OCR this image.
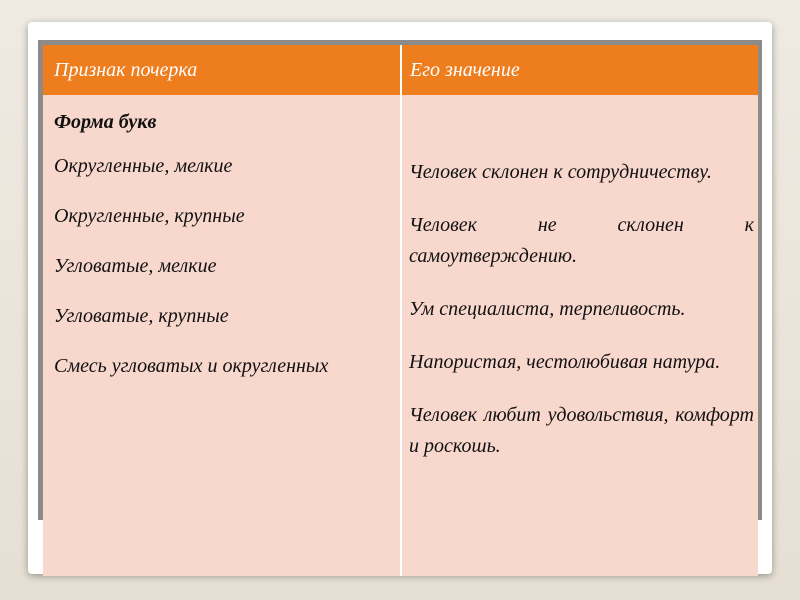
Признак почерка	Его значение

Форма букв

Округленные, мелкие

Округленные, крупные

Угловатые, мелкие

Угловатые, крупные

Смесь угловатых и округленных

Человек склонен к сотрудничеству.

Человек не склонен к самоутверждению.

Ум специалиста, терпеливость.

Напористая, честолюбивая натура.

Человек любит удовольствия, комфорт и роскошь.
